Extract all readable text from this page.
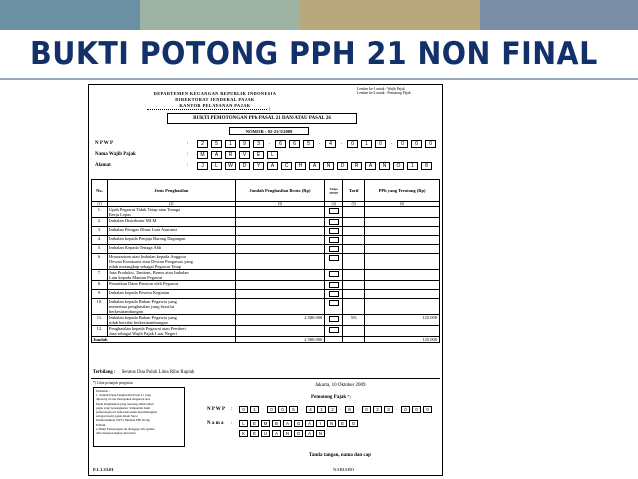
BUKTI POTONG PPH 21 NON FINAL
Lembar ke-1 untuk : Wajib Pajak
Lembar ke-2 untuk : Pemotong Pajak
DEPARTEMEN KEUANGAN REPUBLIK INDONESIA
DIREKTORAT JENDERAL PAJAK
KANTOR PELAYANAN PAJAK
)
BUKTI PEMOTONGAN PPh PASAL 21 DAN/ATAU PASAL 26
NOMOR : 02-21/3/2009
N P W P	:	2	5	1	9	3	.	6	6	5	.	4	.	0	1	0	.	0	0	0
Nama Wajib Pajak	:	M	A	R	V	E	L
Alamat	:	J	L	W	D	Y	A	C	H	A	N	D	R	A	N	O	1	8
No.	Jenis Penghasilan	Jumlah Penghasilan Bruto (Rp)	Tanpa NPWP	Tarif	PPh yang Terutang (Rp)
(1)	(2)	(3)	(4)	(5)	(6)
1.	Upah Pegawai Tidak Tetap atau Tenaga
Kerja Lepas				

2.	Imbalan Distributor MLM				

3.	Imbalan Petugas Dinas Luar Asuransi				

4.	Imbalan kepada Penjaja Barang Dagangan				

5.	Imbalan Kepada Tenaga Ahli				

6.	Honorarium atau Imbalan kepada Anggota
Dewan Komisaris atau Dewan Pengawas yang
tidak merangkap sebagai Pegawai Tetap				

7.	Jasa Produksi, Tantiem, Bonus atau Imbalan
Lain kepada Mantan Pegawai				

8.	Penarikan Dana Pensiun oleh Pegawai				

9.	Imbalan kepada Peserta Kegiatan				

10.	Imbalan kepada Bukan Pegawai yang
menerima penghasilan yang bersifat
berkesinambungan				

11.	Imbalan kepada Bukan Pegawai yang
tidak bersifat berkesinambungan	2.500.000		5%	125.000
12.	Penghasilan kepada Pegawai atau Pemberi
Jasa sebagai Wajib Pajak Luar Negeri				

Jumlah		2.500.000			125.000
Terbilang : Seratus Dua Puluh Lima Ribu Rupiah
*) Lihat petunjuk pengisian
Perhatian :
1. Jumlah Pajak Penghasilan Pasal 21 yang
dipotong di atas merupakan Angsuran atas
Pajak Penghasilan yang terutang untuk tahun
pajak yang bersangkutan. Simpanlah bukti
pemotongan ini baik-baik untuk diperhitungkan
sebagai kredit pajak dalam Surat
Pemberitahuan (SPT) Tahunan PPh Orang
Pribadi.
2. Bukti Pemotongan ini dianggap sah apabila
diisi dengan lengkap dan benar.
Jakarta, 10 Oktober 2009
Pemotong Pajak *)
N P W P :	0	1	.	0	0	5	.	4	1	2	.	8	.	0	2	3	.	0	0	0
N a m a :	L	E	M	B	A	G	A	I	N	E	G
K	E	U	A	N	G	A	N
Tanda tangan, nama dan cap
F.1.1.33.01	NABIAHO
